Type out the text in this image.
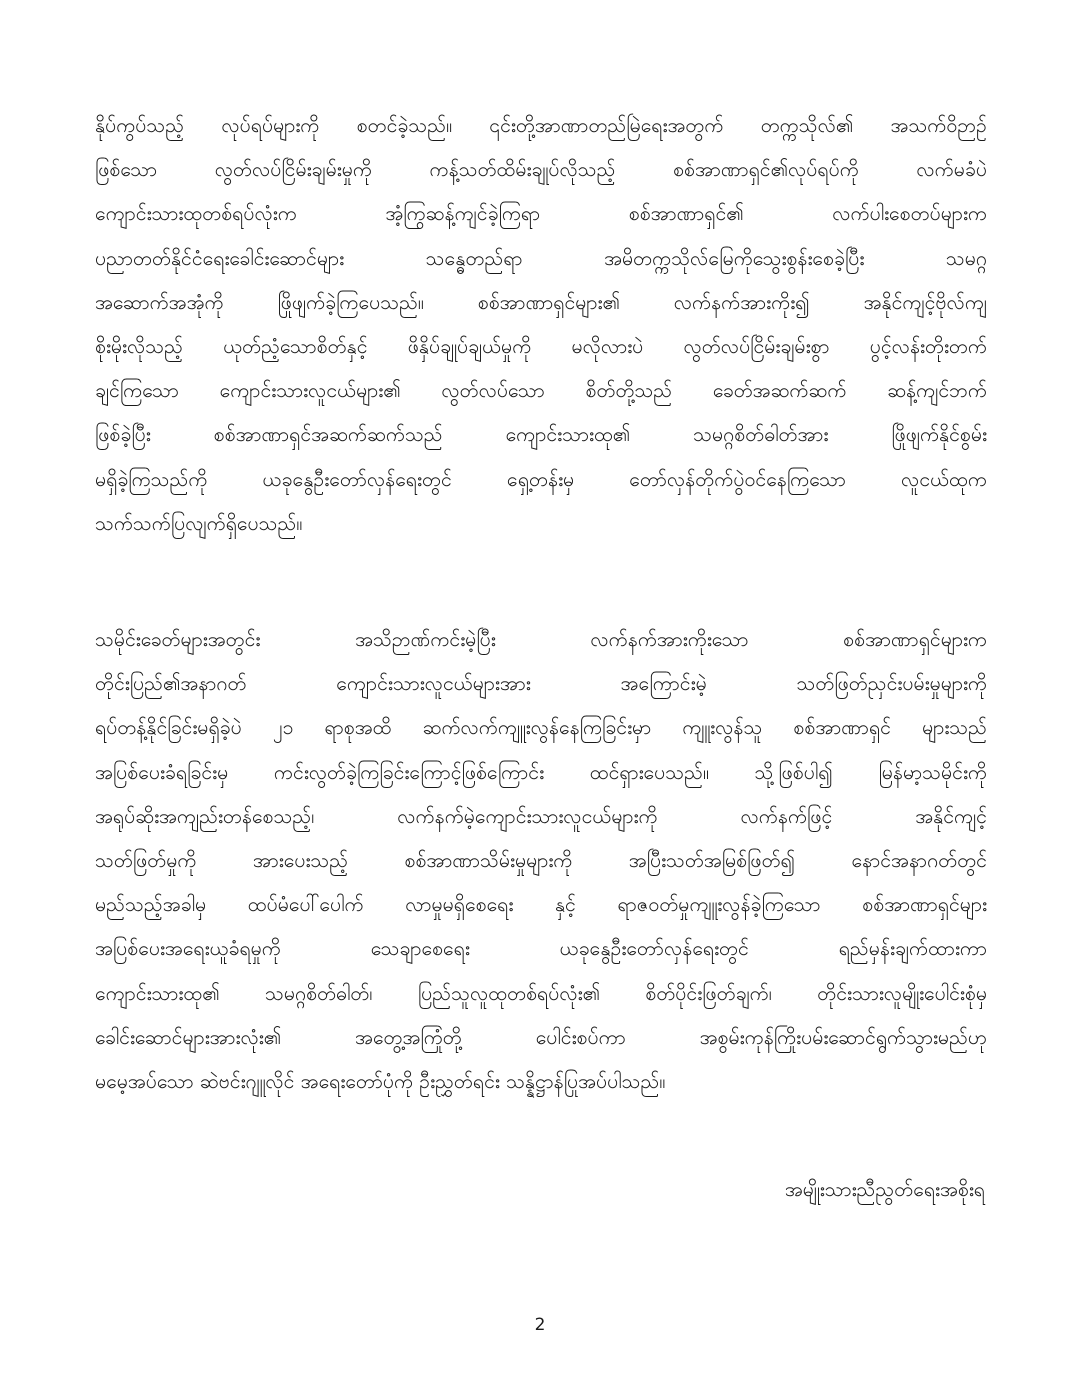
နိုပ်ကွပ်သည့် လုပ်ရပ်များကို စတင်ခဲ့သည်။ ၎င်းတို့အာဏာတည်မြဲရေးအတွက် တက္ကသိုလ်၏ အသက်ဝိဉာဉ်
ဖြစ်သော လွတ်လပ်ငြိမ်းချမ်းမှုကို ကန့်သတ်ထိမ်းချုပ်လိုသည့် စစ်အာဏာရှင်၏လုပ်ရပ်ကို လက်မခံပဲ
ကျောင်းသားထုတစ်ရပ်လုံးက အံ့ကြွဆန့်ကျင်ခဲ့ကြရာ စစ်အာဏာရှင်၏ လက်ပါးစေတပ်များက
ပညာတတ်နိုင်ငံရေးခေါင်းဆောင်များ သန္ဓေတည်ရာ အမိတက္ကသိုလ်မြေကိုသွေးစွန်းစေခဲ့ပြီး သမဂ္ဂ
အဆောက်အအုံကို ဖြိုဖျက်ခဲ့ကြပေသည်။ စစ်အာဏာရှင်များ၏ လက်နက်အားကိုး၍ အနိုင်ကျင့်ဗိုလ်ကျ
စိုးမိုးလိုသည့် ယုတ်ညံ့သောစိတ်နှင့် ဖိနှိပ်ချုပ်ချယ်မှုကို မလိုလားပဲ လွတ်လပ်ငြိမ်းချမ်းစွာ ပွင့်လန်းတိုးတက်
ချင်ကြသော ကျောင်းသားလူငယ်များ၏ လွတ်လပ်သော စိတ်တို့သည် ခေတ်အဆက်ဆက် ဆန့်ကျင်ဘက်
ဖြစ်ခဲ့ပြီး စစ်အာဏာရှင်အဆက်ဆက်သည် ကျောင်းသားထု၏ သမဂ္ဂစိတ်ဓါတ်အား ဖြိုဖျက်နိုင်စွမ်း
မရှိခဲ့ကြသည်ကို ယခုနွေဦးတော်လှန်ရေးတွင် ရှေ့တန်းမှ တော်လှန်တိုက်ပွဲဝင်နေကြသော လူငယ်ထုက
သက်သက်ပြလျက်ရှိပေသည်။
သမိုင်းခေတ်များအတွင်း အသိဉာဏ်ကင်းမဲ့ပြီး လက်နက်အားကိုးသော စစ်အာဏာရှင်များက
တိုင်းပြည်၏အနာဂတ် ကျောင်းသားလူငယ်များအား အကြောင်းမဲ့ သတ်ဖြတ်ညှင်းပမ်းမှုများကို
ရပ်တန့်နိုင်ခြင်းမရှိခဲ့ပဲ ၂၁ ရာစုအထိ ဆက်လက်ကျူးလွန်နေကြခြင်းမှာ ကျူးလွန်သူ စစ်အာဏာရှင် များသည်
အပြစ်ပေးခံရခြင်းမှ ကင်းလွတ်ခဲ့ကြခြင်းကြောင့်ဖြစ်ကြောင်း ထင်ရှားပေသည်။ သို့ဖြစ်ပါ၍ မြန်မာ့သမိုင်းကို
အရုပ်ဆိုးအကျည်းတန်စေသည့်၊ လက်နက်မဲ့ကျောင်းသားလူငယ်များကို လက်နက်ဖြင့် အနိုင်ကျင့်
သတ်ဖြတ်မှုကို အားပေးသည့် စစ်အာဏာသိမ်းမှုများကို အပြီးသတ်အမြစ်ဖြတ်၍ နောင်အနာဂတ်တွင်
မည်သည့်အခါမှ ထပ်မံပေါ်ပေါက် လာမှုမရှိစေရေး နှင့် ရာဇဝတ်မှုကျူးလွန်ခဲ့ကြသော စစ်အာဏာရှင်များ
အပြစ်ပေးအရေးယူခံရမှုကို သေချာစေရေး ယခုနွေဦးတော်လှန်ရေးတွင် ရည်မှန်းချက်ထားကာ
ကျောင်းသားထု၏ သမဂ္ဂစိတ်ဓါတ်၊ ပြည်သူလူထုတစ်ရပ်လုံး၏ စိတ်ပိုင်းဖြတ်ချက်၊ တိုင်းသားလူမျိုးပေါင်းစုံမှ
ခေါင်းဆောင်များအားလုံး၏ အတွေ့အကြုံတို့ ပေါင်းစပ်ကာ အစွမ်းကုန်ကြိုးပမ်းဆောင်ရွက်သွားမည်ဟု
မမေ့အပ်သော ဆဲဗင်းဂျူလိုင် အရေးတော်ပုံကို ဦးညွှတ်ရင်း သန္နိဋ္ဌာန်ပြုအပ်ပါသည်။
အမျိုးသားညီညွတ်ရေးအစိုးရ
2
